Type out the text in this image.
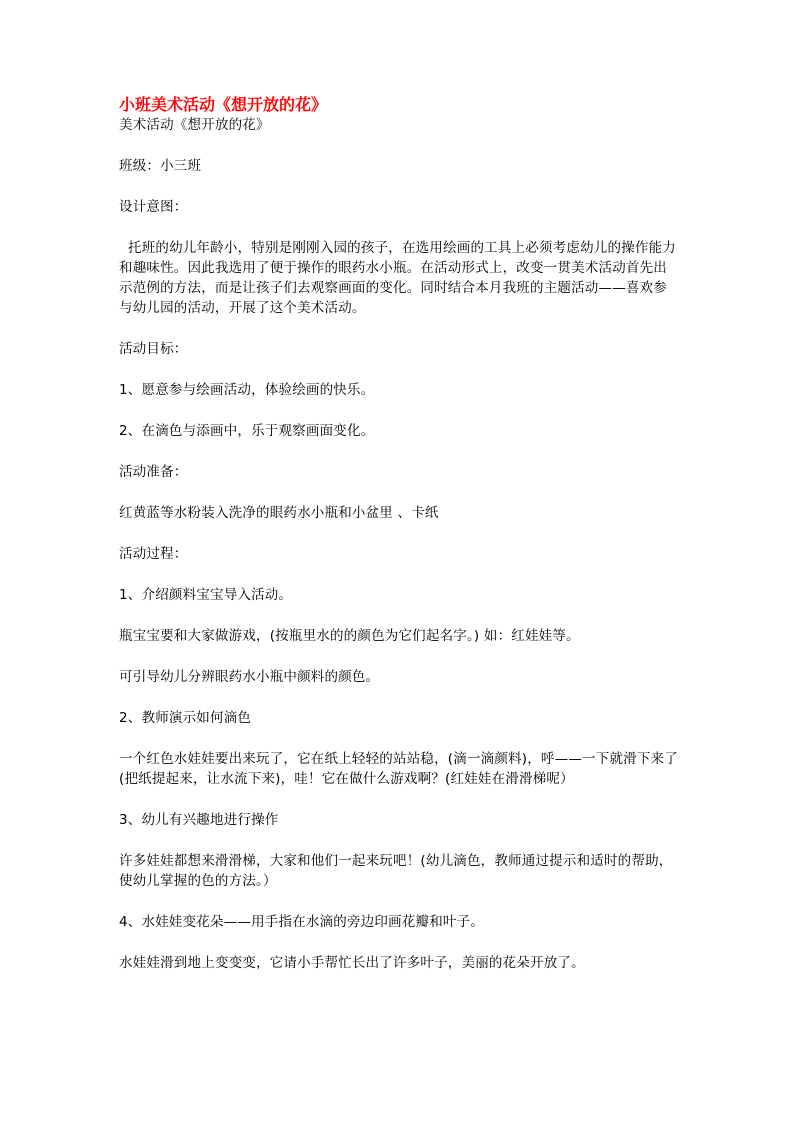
小班美术活动《想开放的花》
美术活动《想开放的花》
班级：小三班
设计意图：
托班的幼儿年龄小，特别是刚刚入园的孩子，在选用绘画的工具上必须考虑幼儿的操作能力和趣味性。因此我选用了便于操作的眼药水小瓶。在活动形式上，改变一贯美术活动首先出示范例的方法，而是让孩子们去观察画面的变化。同时结合本月我班的主题活动——喜欢参与幼儿园的活动，开展了这个美术活动。
活动目标：
1、愿意参与绘画活动，体验绘画的快乐。
2、在滴色与添画中，乐于观察画面变化。
活动准备：
红黄蓝等水粉装入洗净的眼药水小瓶和小盆里 、卡纸
活动过程：
1、介绍颜料宝宝导入活动。
瓶宝宝要和大家做游戏，(按瓶里水的的颜色为它们起名字。) 如：红娃娃等。
可引导幼儿分辨眼药水小瓶中颜料的颜色。
2、教师演示如何滴色
一个红色水娃娃要出来玩了，它在纸上轻轻的站站稳，(滴一滴颜料)，呼——一下就滑下来了 (把纸提起来，让水流下来)，哇！它在做什么游戏啊？(红娃娃在滑滑梯呢）
3、幼儿有兴趣地进行操作
许多娃娃都想来滑滑梯，大家和他们一起来玩吧！(幼儿滴色，教师通过提示和适时的帮助，使幼儿掌握的色的方法。）
4、水娃娃变花朵——用手指在水滴的旁边印画花瓣和叶子。
水娃娃滑到地上变变变，它请小手帮忙长出了许多叶子，美丽的花朵开放了。
